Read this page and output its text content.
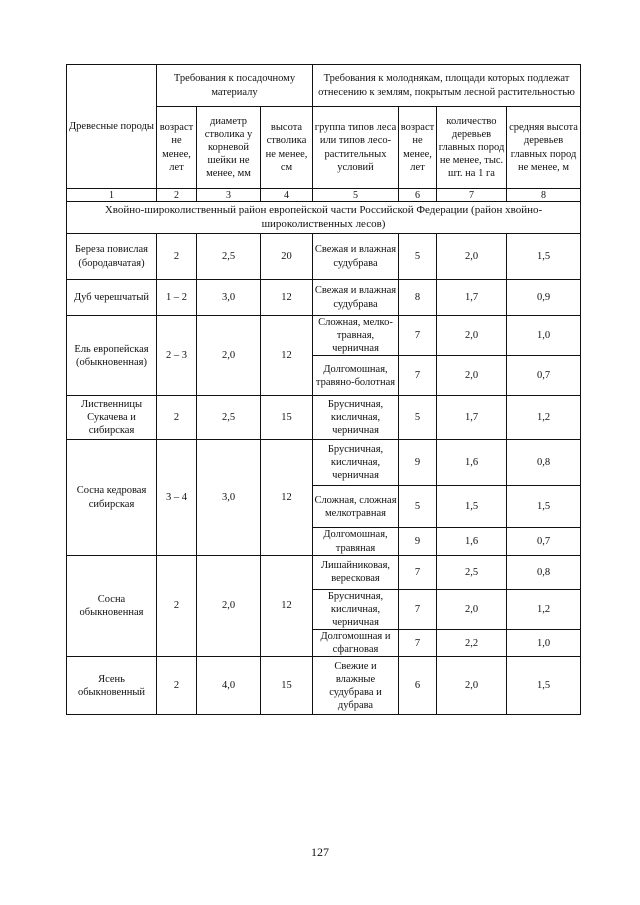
Древесные породы	Требования к посадочному материалу			Требования к молоднякам, площади которых подлежат отнесению к землям, покрытым лесной растительностью			
	возраст не менее, лет	диаметр стволика у корневой шейки не менее, мм	высота стволика не менее, см	группа типов леса или типов лесо-растительных условий	возраст не менее, лет	количество деревьев главных пород не менее, тыс. шт. на 1 га	средняя высота деревьев главных пород не менее, м
1	2	3	4	5	6	7	8
Хвойно-широколиственный район европейской части Российской Федерации (район хвойно-широколиственных лесов)							
Береза повислая (бородавчатая)	2	2,5	20	Свежая и влажная судубрава	5	2,0	1,5
Дуб черешчатый	1 – 2	3,0	12	Свежая и влажная судубрава	8	1,7	0,9
Ель европейская (обыкновенная)	2 – 3	2,0	12	Сложная, мелко-травная, черничная	7	2,0	1,0
				Долгомошная, травяно-болотная	7	2,0	0,7
Лиственницы Сукачева и сибирская	2	2,5	15	Брусничная, кисличная, черничная	5	1,7	1,2
Сосна кедровая сибирская	3 – 4	3,0	12	Брусничная, кисличная, черничная	9	1,6	0,8
				Сложная, сложная мелкотравная	5	1,5	1,5
				Долгомошная, травяная	9	1,6	0,7
Сосна обыкновенная	2	2,0	12	Лишайниковая, вересковая	7	2,5	0,8
				Брусничная, кисличная, черничная	7	2,0	1,2
				Долгомошная и сфагновая	7	2,2	1,0
Ясень обыкновенный	2	4,0	15	Свежие и влажные судубрава и дубрава	6	2,0	1,5
127
